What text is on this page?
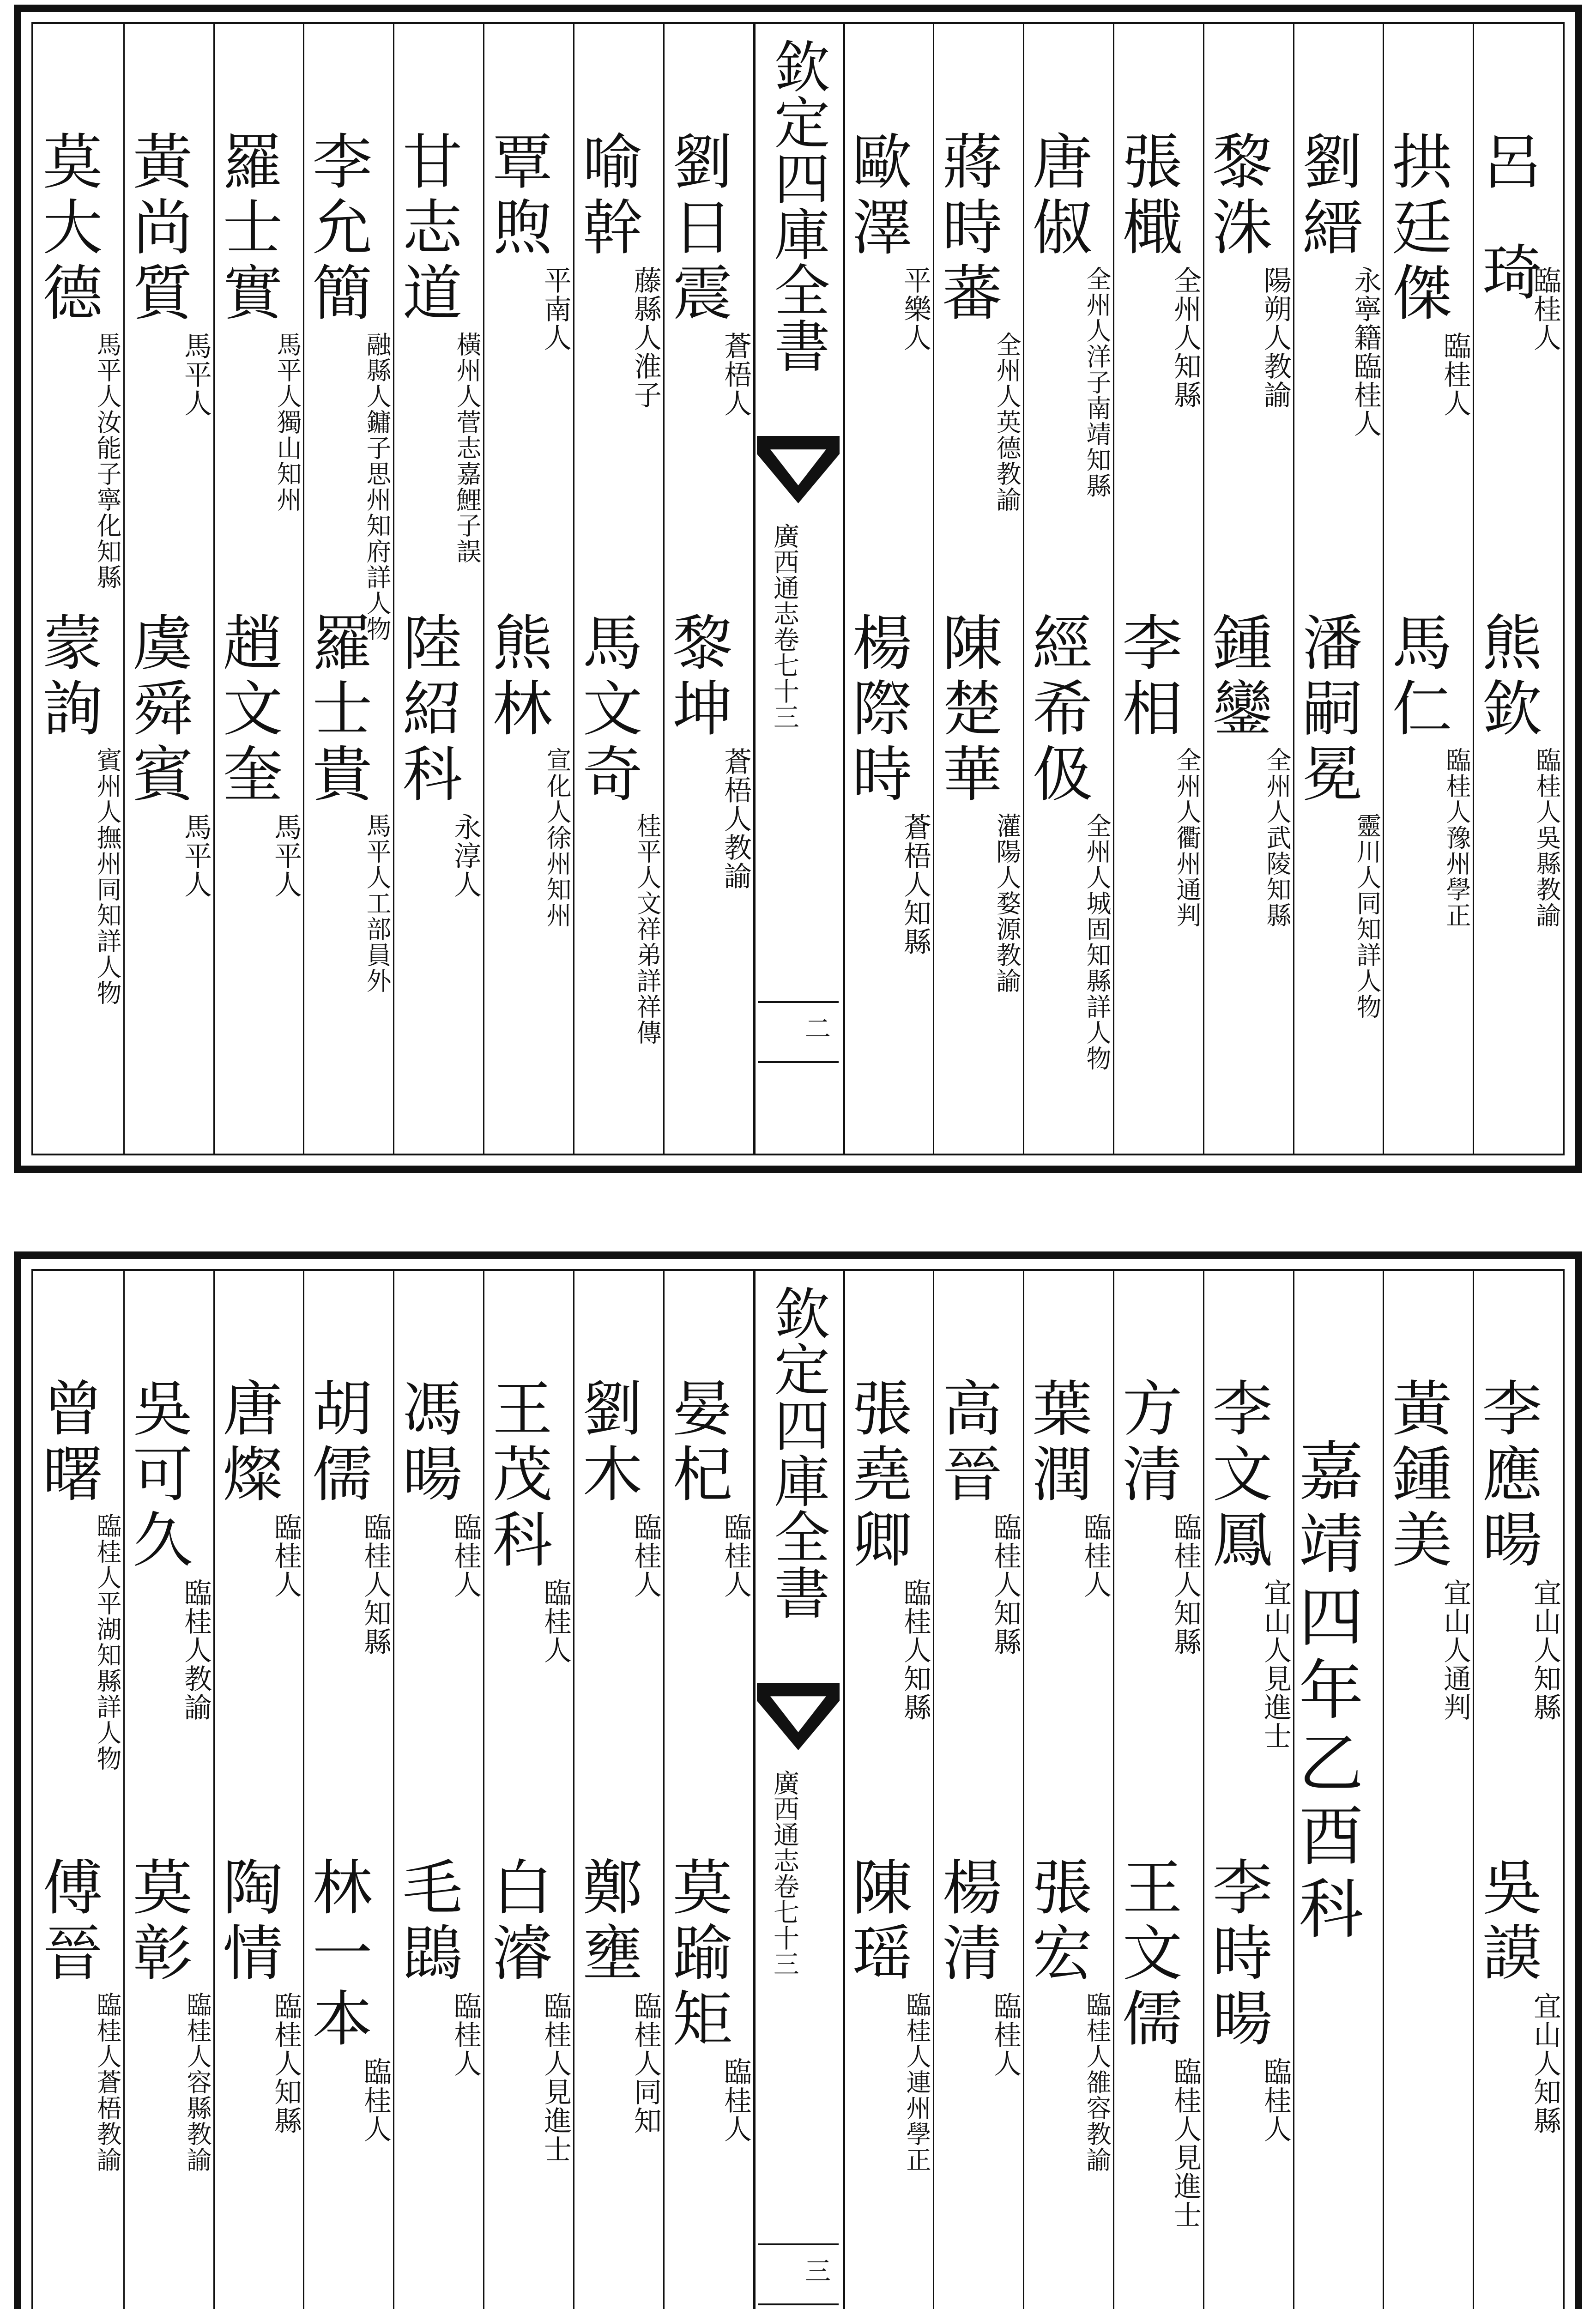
呂
琦
臨桂人
熊欽
臨桂人吳縣教諭
拱廷傑
臨桂人
馬仁
臨桂人豫州學正
劉縉
永寧籍臨桂人
潘嗣冕
靈川人同知詳人物
黎洙
陽朔人教諭
鍾鑾
全州人武陵知縣
張檝
全州人知縣
李相
全州人衢州通判
唐俶
全州人洋子南靖知縣
經希伋
全州人城固知縣詳人物
蔣時蕃
全州人英德教諭
陳楚華
灌陽人婺源教諭
歐澤
平樂人
楊際時
蒼梧人知縣
劉日震
蒼梧人
黎坤
蒼梧人教諭
喻幹
藤縣人淮子
馬文奇
桂平人文祥弟詳祥傳
覃煦
平南人
熊林
宣化人徐州知州
甘志道
橫州人菅志嘉鯉子誤
陸紹科
永淳人
李允簡
融縣人鏞子思州知府詳人物
羅士貴
馬平人工部員外
羅士實
馬平人獨山知州
趙文奎
馬平人
黃尚質
馬平人
虞舜賓
馬平人
莫大德
馬平人汝能子寧化知縣
蒙詢
賓州人撫州同知詳人物
欽定四庫全書
廣西通志卷七十三
二
李應暘
宜山人知縣
吳謨
宜山人知縣
黃鍾美
宜山人通判
嘉靖四年乙酉科
李文鳳
宜山人見進士
李時暘
臨桂人
方清
臨桂人知縣
王文儒
臨桂人見進士
葉潤
臨桂人
張宏
臨桂人雒容教諭
高晉
臨桂人知縣
楊清
臨桂人
張堯卿
臨桂人知縣
陳瑶
臨桂人連州學正
晏杞
臨桂人
莫踰矩
臨桂人
劉木
臨桂人
鄭壅
臨桂人同知
王茂科
臨桂人
白濬
臨桂人見進士
馮暘
臨桂人
毛鵾
臨桂人
胡儒
臨桂人知縣
林一本
臨桂人
唐燦
臨桂人
陶情
臨桂人知縣
吳可久
臨桂人教諭
莫彰
臨桂人容縣教諭
曾曙
臨桂人平湖知縣詳人物
傅晉
臨桂人蒼梧教諭
欽定四庫全書
廣西通志卷七十三
三
